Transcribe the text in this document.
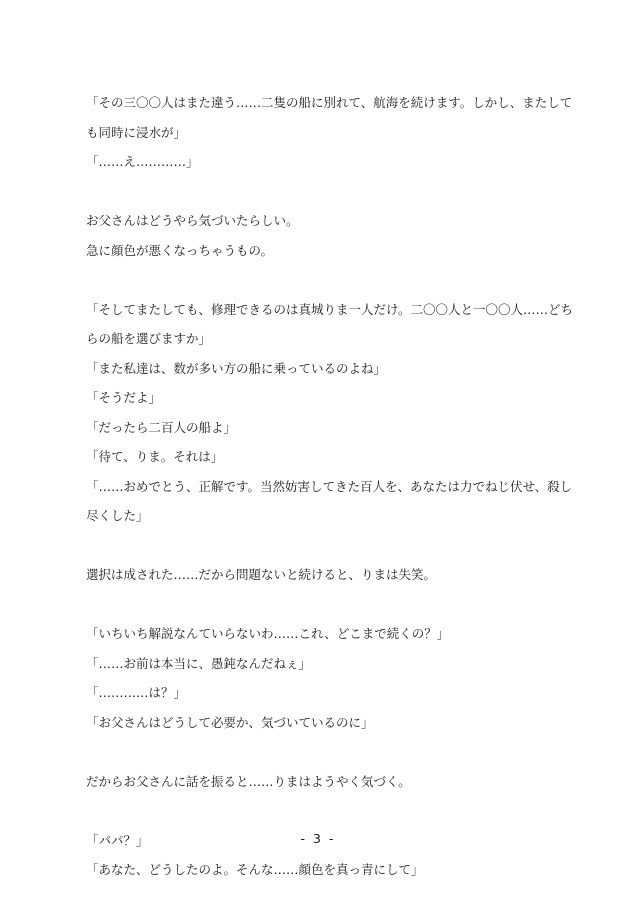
「その三〇〇人はまた違う……二隻の船に別れて、航海を続けます。しかし、またして
も同時に浸水が」
「……え…………」
お父さんはどうやら気づいたらしい。
急に顔色が悪くなっちゃうもの。
「そしてまたしても、修理できるのは真城りま一人だけ。二〇〇人と一〇〇人……どち
らの船を選びますか」
「また私達は、数が多い方の船に乗っているのよね」
「そうだよ」
「だったら二百人の船よ」
「待て、りま。それは」
「……おめでとう、正解です。当然妨害してきた百人を、あなたは力でねじ伏せ、殺し
尽くした」
選択は成された……だから問題ないと続けると、りまは失笑。
「いちいち解説なんていらないわ……これ、どこまで続くの？」
「……お前は本当に、愚鈍なんだねぇ」
「…………は？」
「お父さんはどうして必要か、気づいているのに」
だからお父さんに話を振ると……りまはようやく気づく。
「パパ？」
「あなた、どうしたのよ。そんな……顔色を真っ青にして」
- 3 -
